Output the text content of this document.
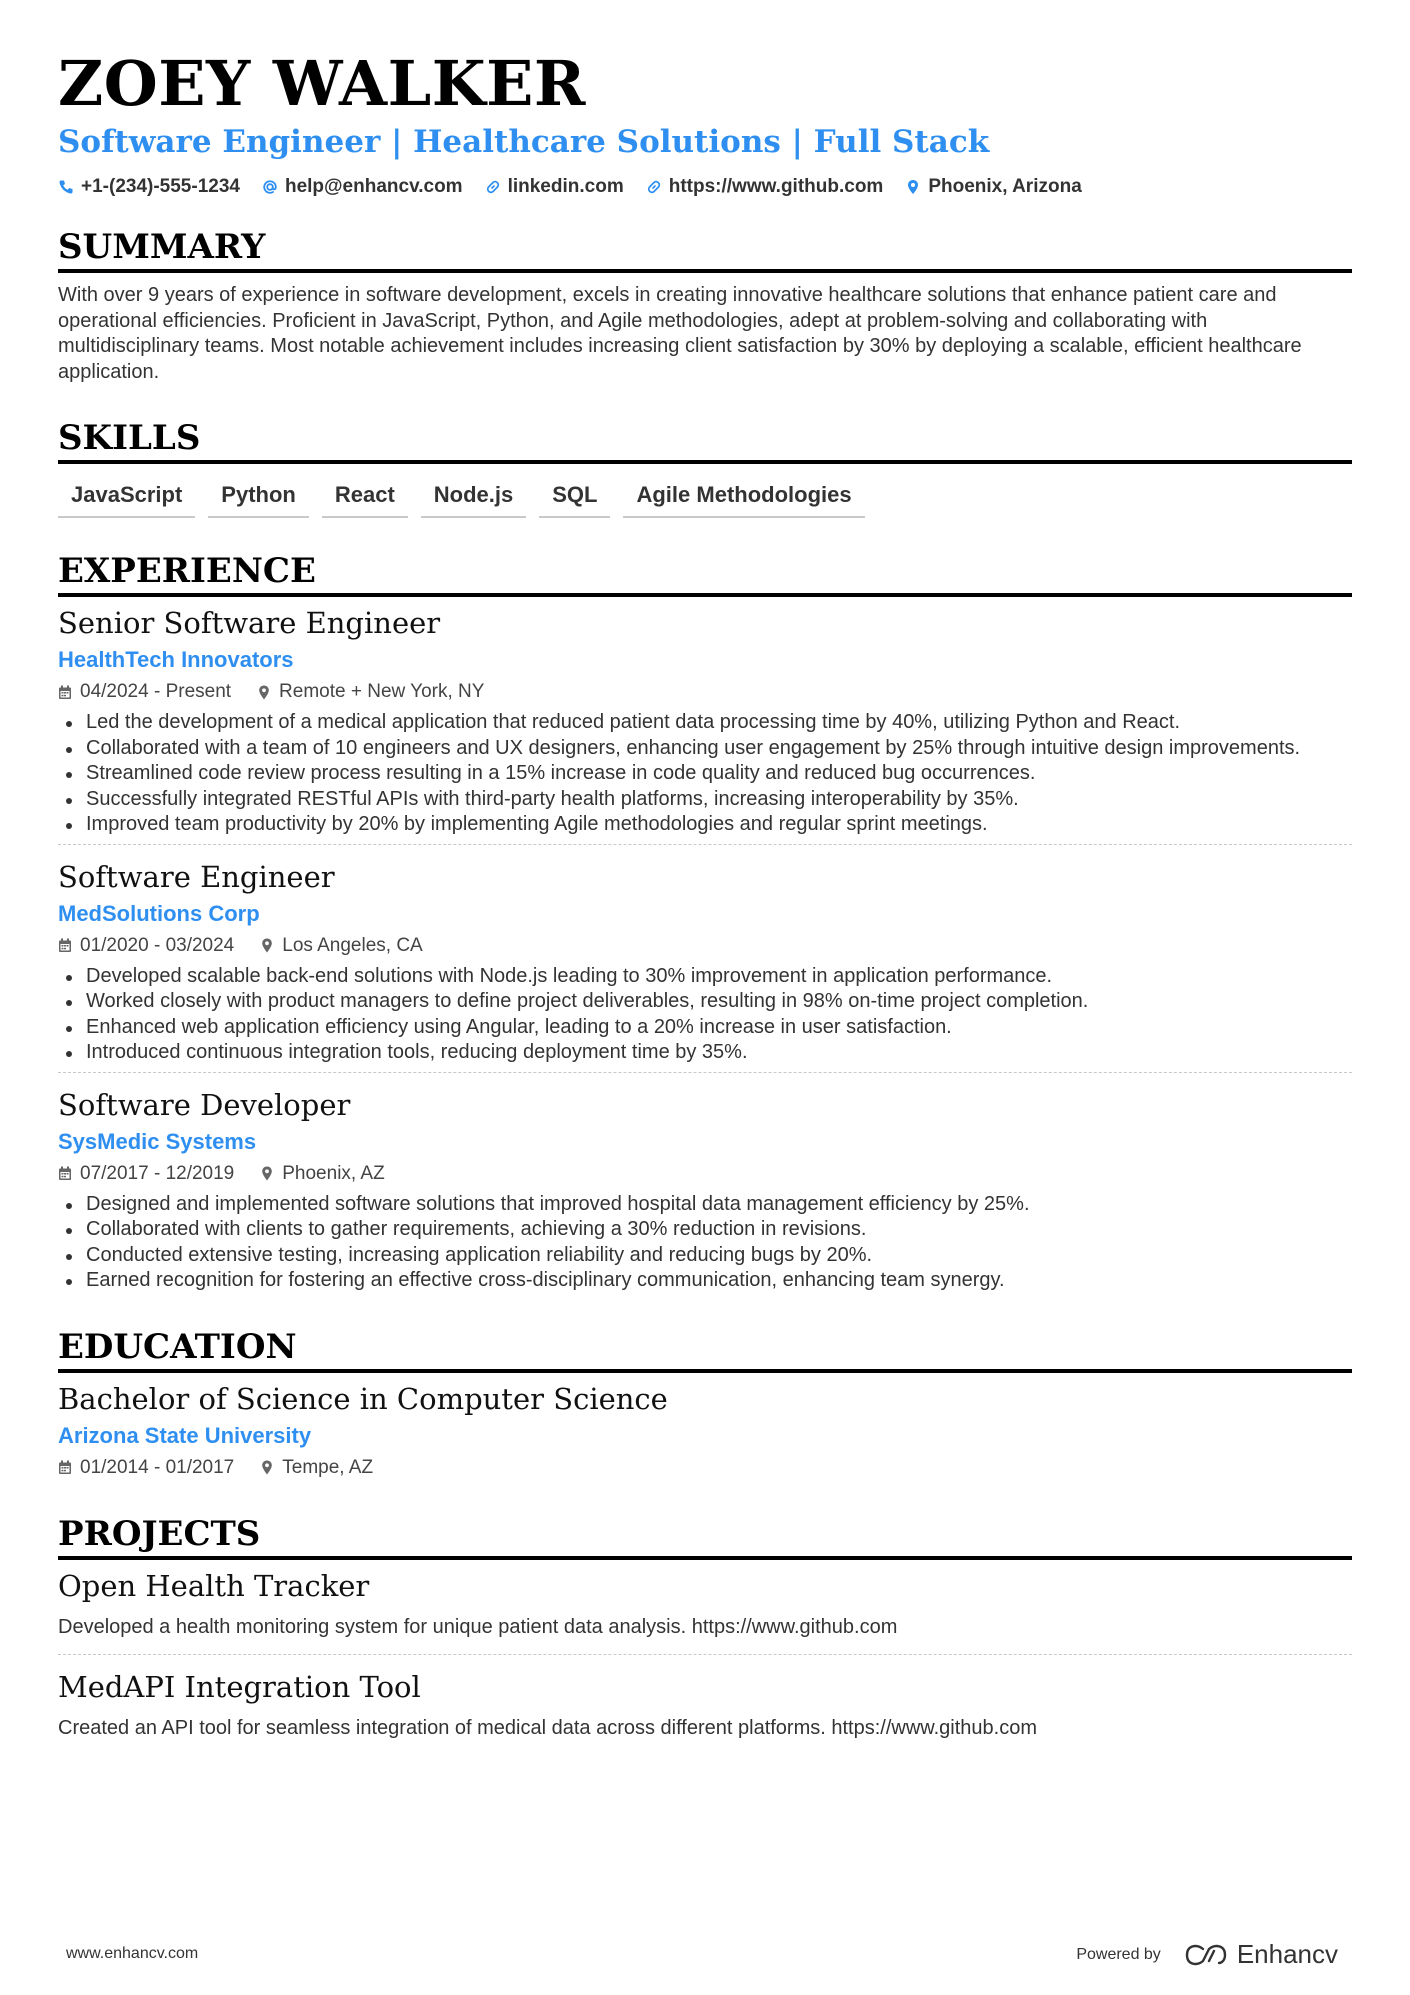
ZOEY WALKER
Software Engineer | Healthcare Solutions | Full Stack
+1-(234)-555-1234 help@enhancv.com linkedin.com https://www.github.com Phoenix, Arizona
SUMMARY
With over 9 years of experience in software development, excels in creating innovative healthcare solutions that enhance patient care and operational efficiencies. Proficient in JavaScript, Python, and Agile methodologies, adept at problem-solving and collaborating with multidisciplinary teams. Most notable achievement includes increasing client satisfaction by 30% by deploying a scalable, efficient healthcare application.
SKILLS
JavaScript	Python	React	Node.js	SQL	Agile Methodologies
EXPERIENCE
Senior Software Engineer
HealthTech Innovators
04/2024 - Present	Remote + New York, NY
Led the development of a medical application that reduced patient data processing time by 40%, utilizing Python and React.
Collaborated with a team of 10 engineers and UX designers, enhancing user engagement by 25% through intuitive design improvements.
Streamlined code review process resulting in a 15% increase in code quality and reduced bug occurrences.
Successfully integrated RESTful APIs with third-party health platforms, increasing interoperability by 35%.
Improved team productivity by 20% by implementing Agile methodologies and regular sprint meetings.
Software Engineer
MedSolutions Corp
01/2020 - 03/2024	Los Angeles, CA
Developed scalable back-end solutions with Node.js leading to 30% improvement in application performance.
Worked closely with product managers to define project deliverables, resulting in 98% on-time project completion.
Enhanced web application efficiency using Angular, leading to a 20% increase in user satisfaction.
Introduced continuous integration tools, reducing deployment time by 35%.
Software Developer
SysMedic Systems
07/2017 - 12/2019	Phoenix, AZ
Designed and implemented software solutions that improved hospital data management efficiency by 25%.
Collaborated with clients to gather requirements, achieving a 30% reduction in revisions.
Conducted extensive testing, increasing application reliability and reducing bugs by 20%.
Earned recognition for fostering an effective cross-disciplinary communication, enhancing team synergy.
EDUCATION
Bachelor of Science in Computer Science
Arizona State University
01/2014 - 01/2017	Tempe, AZ
PROJECTS
Open Health Tracker
Developed a health monitoring system for unique patient data analysis. https://www.github.com
MedAPI Integration Tool
Created an API tool for seamless integration of medical data across different platforms. https://www.github.com
www.enhancv.com	Powered by	Enhancv
